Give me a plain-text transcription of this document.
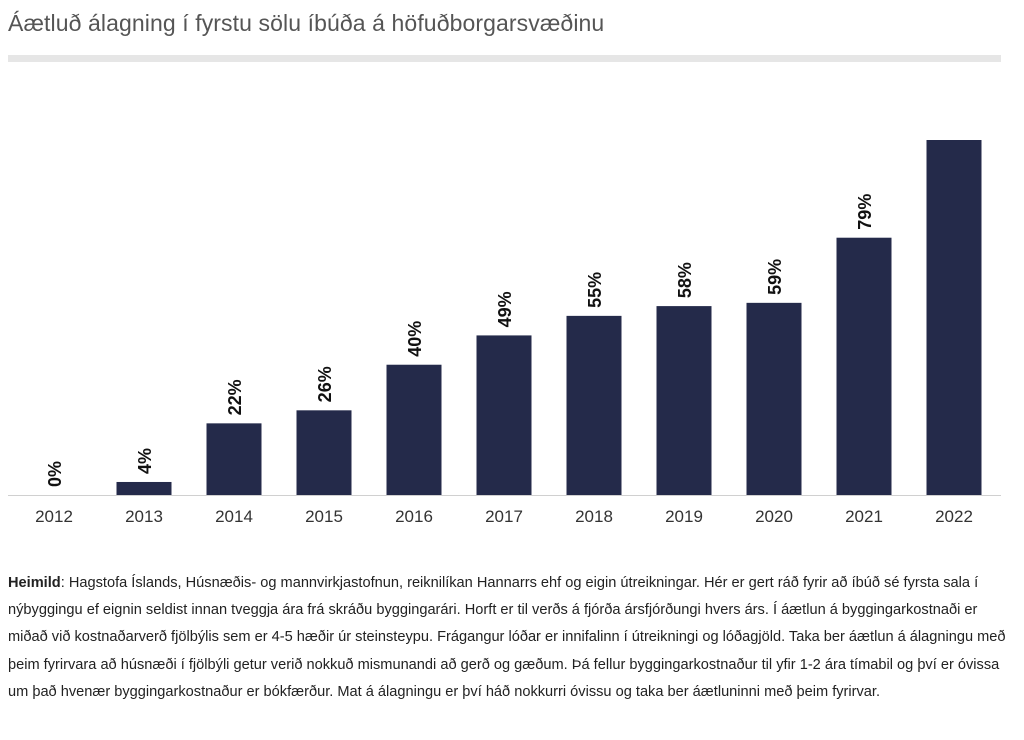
Áætluð álagning í fyrstu sölu íbúða á höfuðborgarsvæðinu
2012	2013	2014	2015	2016	2017	2018	2019	2020	2021	2022
0%
4%
22%	26%
40%
49%
55%	58%	59%
79%
Heimild: Hagstofa Íslands, Húsnæðis- og mannvirkjastofnun, reiknilíkan Hannarrs ehf og eigin útreikningar. Hér er gert ráð fyrir að íbúð sé fyrsta sala í nýbyggingu ef eignin seldist innan tveggja ára frá skráðu byggingarári. Horft er til verðs á fjórða ársfjórðungi hvers árs. Í áætlun á byggingarkostnaði er miðað við kostnaðarverð fjölbýlis sem er 4-5 hæðir úr steinsteypu. Frágangur lóðar er innifalinn í útreikningi og lóðagjöld. Taka ber áætlun á álagningu með þeim fyrirvara að húsnæði í fjölbýli getur verið nokkuð mismunandi að gerð og gæðum. Þá fellur byggingarkostnaður til yfir 1-2 ára tímabil og því er óvissa um það hvenær byggingarkostnaður er bókfærður. Mat á álagningu er því háð nokkurri óvissu og taka ber áætluninni með þeim fyrirvar.
